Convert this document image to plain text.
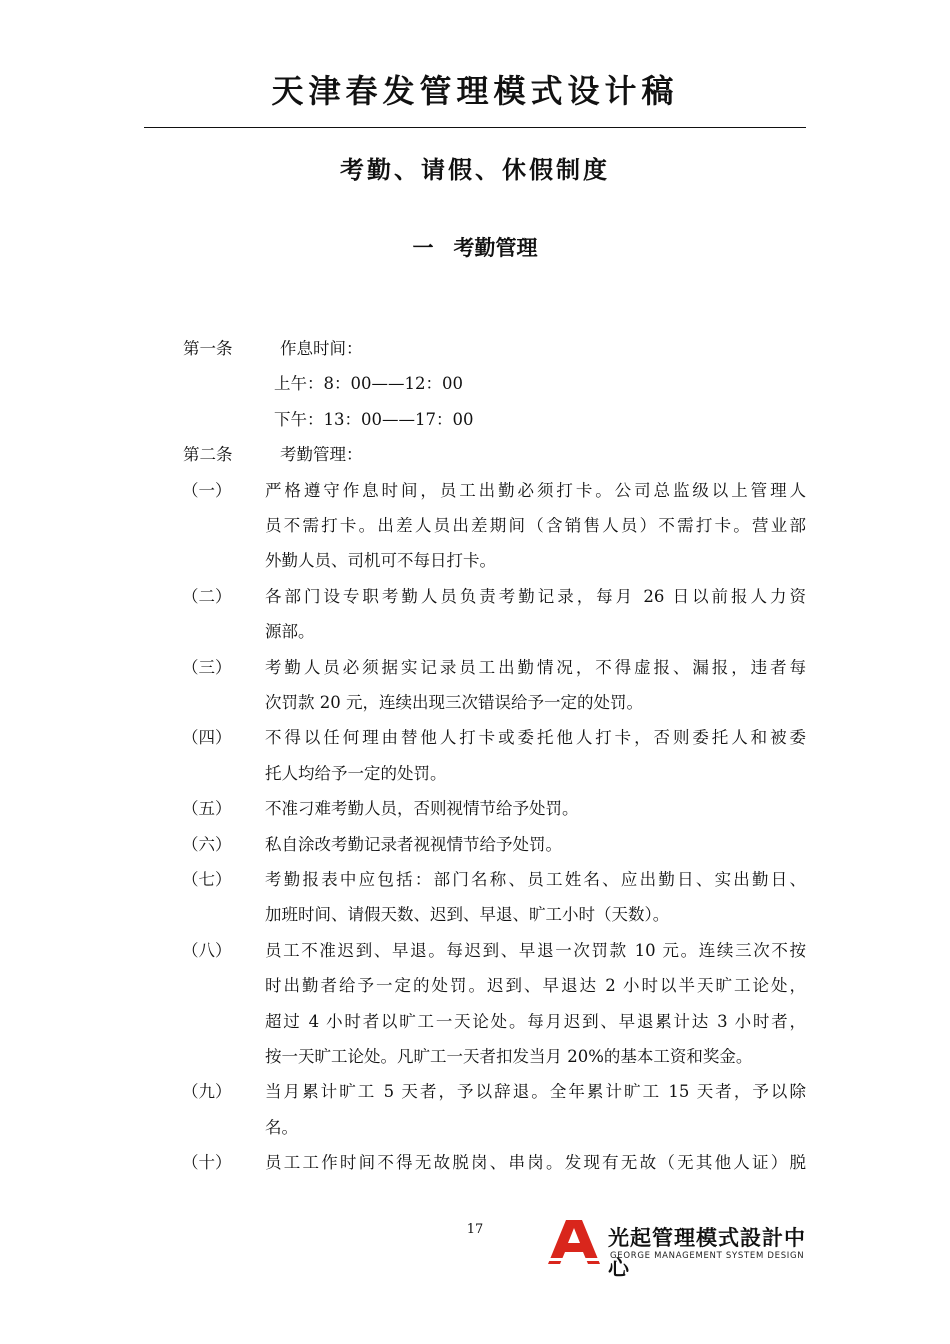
天津春发管理模式设计稿
考勤、请假、休假制度
一 考勤管理
第一条	作息时间：
上午：8：00——12：00
下午：13：00——17：00
第二条	考勤管理：
（一） 严格遵守作息时间，员工出勤必须打卡。公司总监级以上管理人
员不需打卡。出差人员出差期间（含销售人员）不需打卡。营业部
外勤人员、司机可不每日打卡。
（二） 各部门设专职考勤人员负责考勤记录，每月 26 日以前报人力资
源部。
（三） 考勤人员必须据实记录员工出勤情况，不得虚报、漏报，违者每
次罚款 20 元，连续出现三次错误给予一定的处罚。
（四） 不得以任何理由替他人打卡或委托他人打卡，否则委托人和被委
托人均给予一定的处罚。
（五） 不准刁难考勤人员，否则视情节给予处罚。
（六） 私自涂改考勤记录者视视情节给予处罚。
（七） 考勤报表中应包括：部门名称、员工姓名、应出勤日、实出勤日、
加班时间、请假天数、迟到、早退、旷工小时（天数）。
（八） 员工不准迟到、早退。每迟到、早退一次罚款 10 元。连续三次不按
时出勤者给予一定的处罚。迟到、早退达 2 小时以半天旷工论处，
超过 4 小时者以旷工一天论处。每月迟到、早退累计达 3 小时者，
按一天旷工论处。凡旷工一天者扣发当月 20%的基本工资和奖金。
（九） 当月累计旷工 5 天者，予以辞退。全年累计旷工 15 天者，予以除
名。
（十） 员工工作时间不得无故脱岗、串岗。发现有无故（无其他人证）脱
17	光起管理模式設計中心
GEORGE MANAGEMENT SYSTEM DESIGN
